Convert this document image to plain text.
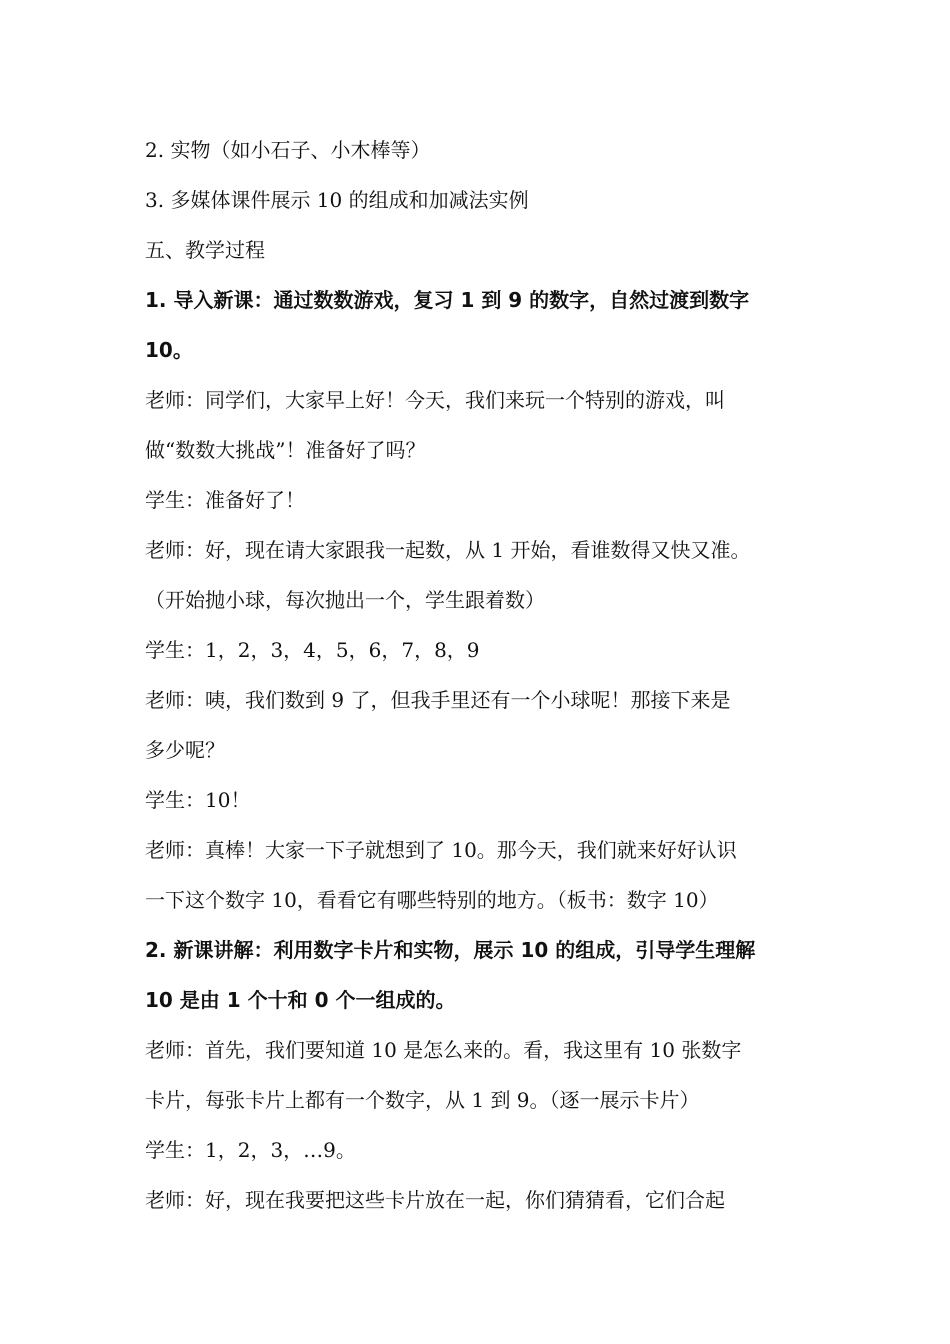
2. 实物（如小石子、小木棒等）
3. 多媒体课件展示 10 的组成和加减法实例
五、教学过程
1. 导入新课：通过数数游戏，复习 1 到 9 的数字，自然过渡到数字
10。
老师：同学们，大家早上好！今天，我们来玩一个特别的游戏，叫
做“数数大挑战”！准备好了吗？
学生：准备好了！
老师：好，现在请大家跟我一起数，从 1 开始，看谁数得又快又准。
（开始抛小球，每次抛出一个，学生跟着数）
学生：1，2，3，4，5，6，7，8，9
老师：咦，我们数到 9 了，但我手里还有一个小球呢！那接下来是
多少呢？
学生：10！
老师：真棒！大家一下子就想到了 10。那今天，我们就来好好认识
一下这个数字 10，看看它有哪些特别的地方。（板书：数字 10）
2. 新课讲解：利用数字卡片和实物，展示 10 的组成，引导学生理解
10 是由 1 个十和 0 个一组成的。
老师：首先，我们要知道 10 是怎么来的。看，我这里有 10 张数字
卡片，每张卡片上都有一个数字，从 1 到 9。（逐一展示卡片）
学生：1，2，3，…9。
老师：好，现在我要把这些卡片放在一起，你们猜猜看，它们合起
